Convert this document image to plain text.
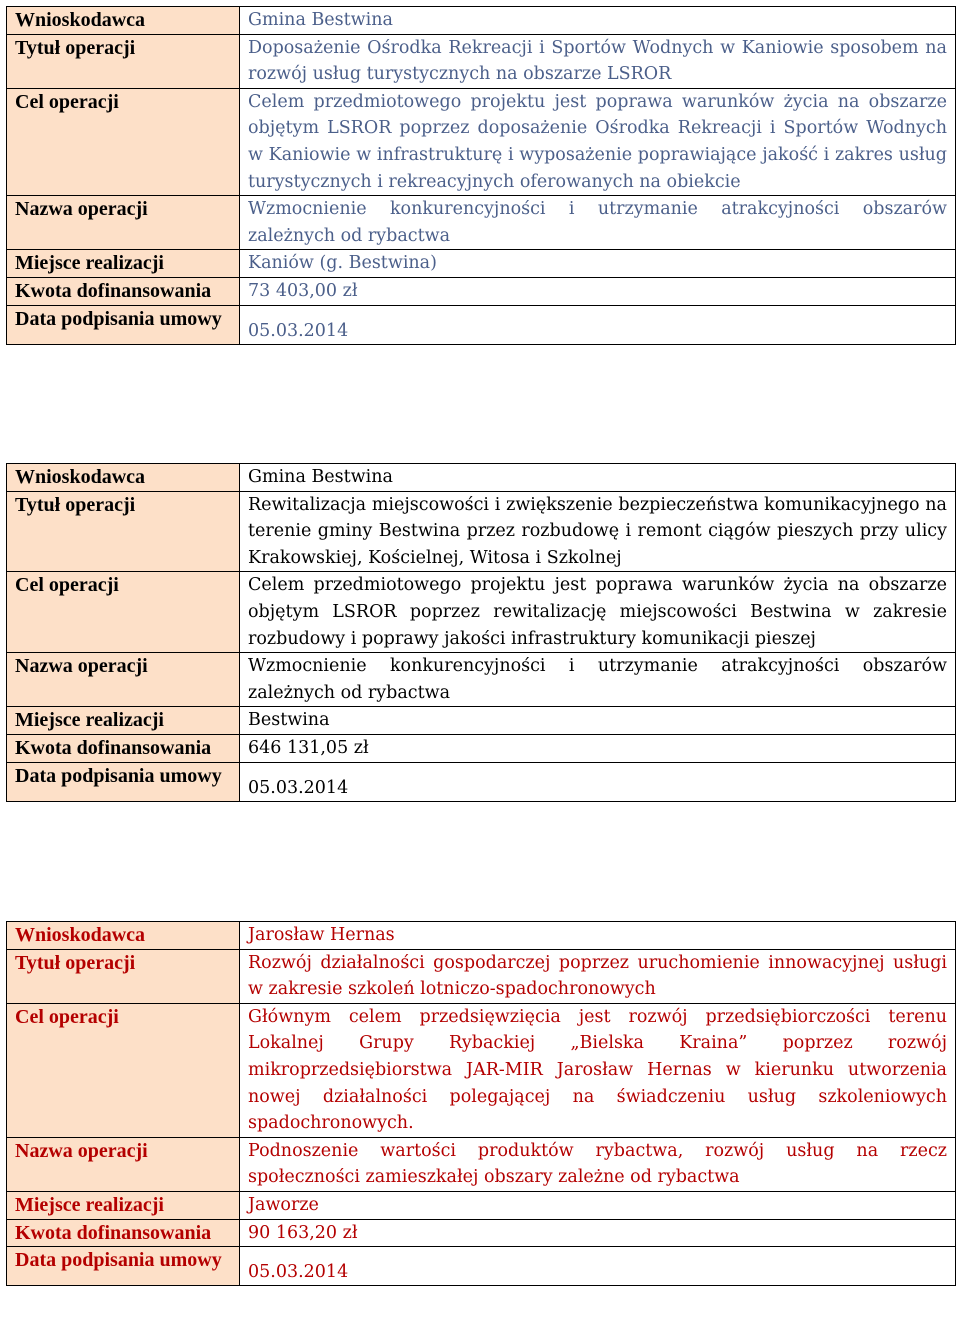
Wnioskodawca	Gmina Bestwina
Tytuł operacji	Doposażenie Ośrodka Rekreacji i Sportów Wodnych w Kaniowie sposobem na rozwój usług turystycznych na obszarze LSROR
Cel operacji	Celem przedmiotowego projektu jest poprawa warunków życia na obszarze objętym LSROR poprzez doposażenie Ośrodka Rekreacji i Sportów Wodnych w Kaniowie w infrastrukturę i wyposażenie poprawiające jakość i zakres usług turystycznych i rekreacyjnych oferowanych na obiekcie
Nazwa operacji	Wzmocnienie konkurencyjności i utrzymanie atrakcyjności obszarów zależnych od rybactwa
Miejsce realizacji	Kaniów (g. Bestwina)
Kwota dofinansowania	73 403,00 zł
Data podpisania umowy	05.03.2014
Wnioskodawca	Gmina Bestwina
Tytuł operacji	Rewitalizacja miejscowości i zwiększenie bezpieczeństwa komunikacyjnego na terenie gminy Bestwina przez rozbudowę i remont ciągów pieszych przy ulicy Krakowskiej, Kościelnej, Witosa i Szkolnej
Cel operacji	Celem przedmiotowego projektu jest poprawa warunków życia na obszarze objętym LSROR poprzez rewitalizację miejscowości Bestwina w zakresie rozbudowy i poprawy jakości infrastruktury komunikacji pieszej
Nazwa operacji	Wzmocnienie konkurencyjności i utrzymanie atrakcyjności obszarów zależnych od rybactwa
Miejsce realizacji	Bestwina
Kwota dofinansowania	646 131,05 zł
Data podpisania umowy	05.03.2014
Wnioskodawca	Jarosław Hernas
Tytuł operacji	Rozwój działalności gospodarczej poprzez uruchomienie innowacyjnej usługi w zakresie szkoleń lotniczo-spadochronowych
Cel operacji	Głównym celem przedsięwzięcia jest rozwój przedsiębiorczości terenu Lokalnej Grupy Rybackiej „Bielska Kraina” poprzez rozwój mikroprzedsiębiorstwa JAR-MIR Jarosław Hernas w kierunku utworzenia nowej działalności polegającej na świadczeniu usług szkoleniowych spadochronowych.
Nazwa operacji	Podnoszenie wartości produktów rybactwa, rozwój usług na rzecz społeczności zamieszkałej obszary zależne od rybactwa
Miejsce realizacji	Jaworze
Kwota dofinansowania	90 163,20 zł
Data podpisania umowy	05.03.2014
